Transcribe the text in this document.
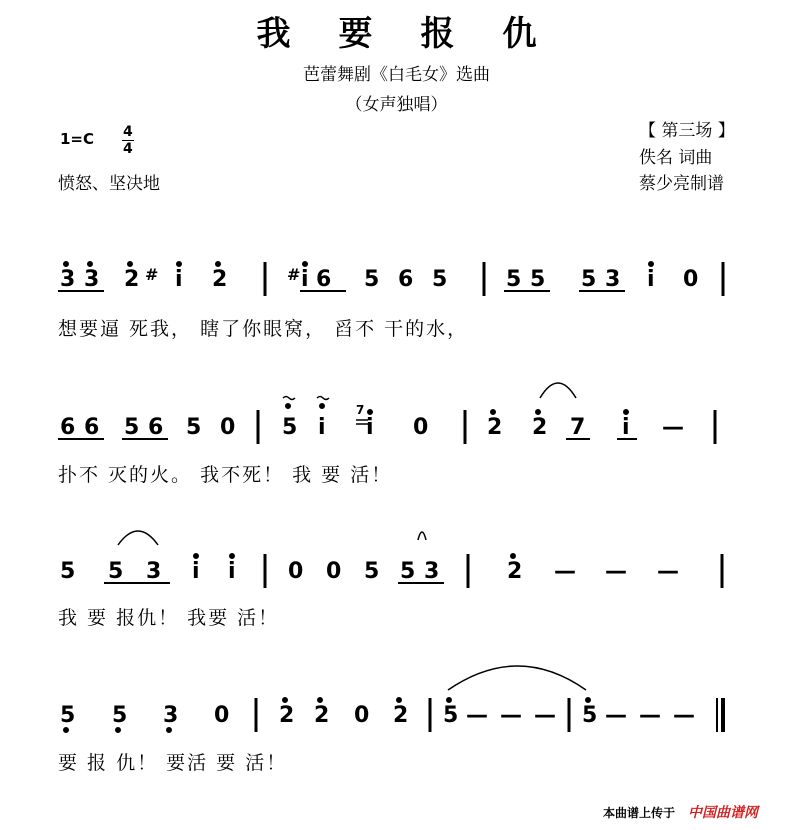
我要报仇
芭蕾舞剧《白毛女》选曲
（女声独唱）
1=C 4
4
愤怒、坚决地
【 第三场 】
佚名 词曲
蔡少亮制谱
3 3 2 # i 2	# i 6 5 6 5	5 5 5 3 i 0
6 6 5 6 5 0 5 i i 0	2 2 7 i —
7
5 5 3 i i 0 0 5 5 3	2 — — —
5 5 3 0 2 2 0 2 5 — — — 5 — — —
想要逼 死我， 瞎了你眼窝， 舀不 干的水，
扑不 灭的火。 我不死！ 我 要 活！
我 要 报仇！ 我要 活！
要 报 仇！ 要活 要 活！
本曲谱上传于 中国曲谱网
